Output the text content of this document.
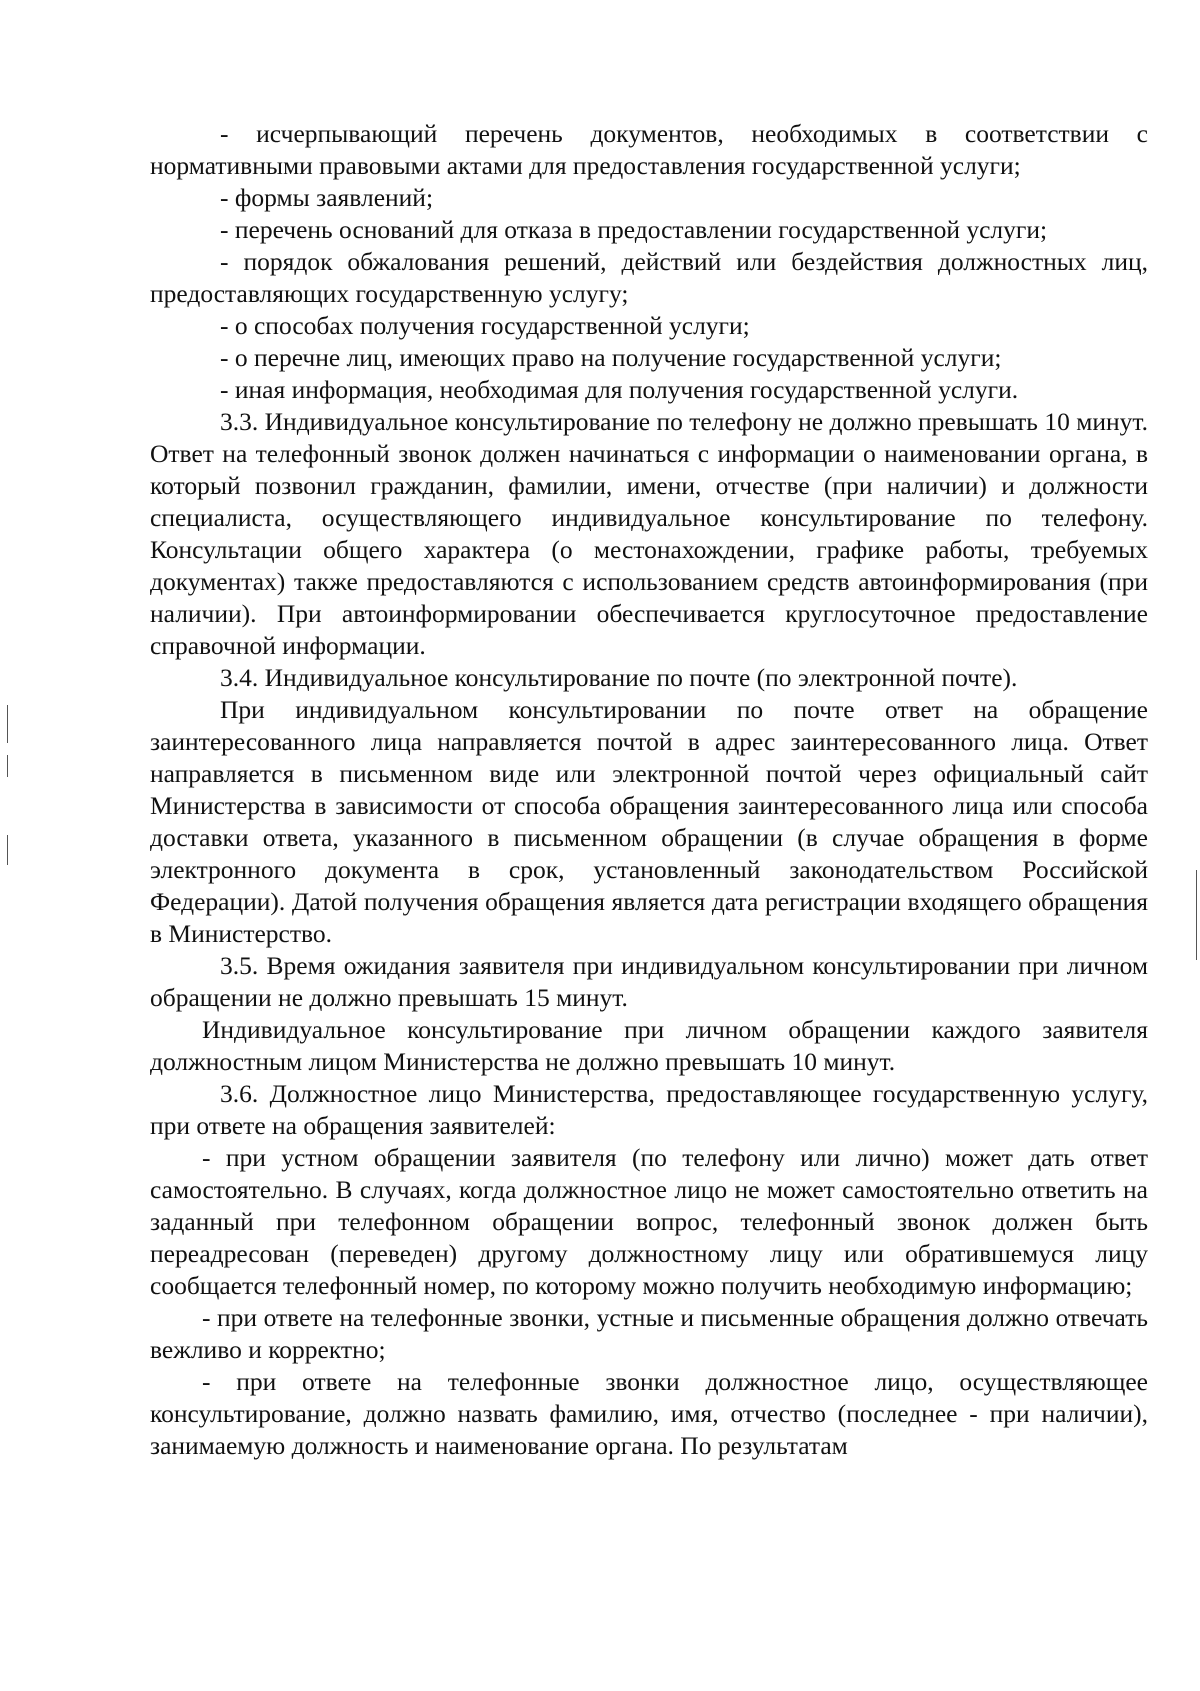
- исчерпывающий перечень документов, необходимых в соответствии с нормативными правовыми актами для предоставления государственной услуги;

- формы заявлений;

- перечень оснований для отказа в предоставлении государственной услуги;

- порядок обжалования решений, действий или бездействия должностных лиц, предоставляющих государственную услугу;

- о способах получения государственной услуги;

- о перечне лиц, имеющих право на получение государственной услуги;

- иная информация, необходимая для получения государственной услуги.

3.3. Индивидуальное консультирование по телефону не должно превышать 10 минут. Ответ на телефонный звонок должен начинаться с информации о наименовании органа, в который позвонил гражданин, фамилии, имени, отчестве (при наличии) и должности специалиста, осуществляющего индивидуальное консультирование по телефону. Консультации общего характера (о местонахождении, графике работы, требуемых документах) также предоставляются с использованием средств автоинформирования (при наличии). При автоинформировании обеспечивается круглосуточное предоставление справочной информации.

3.4. Индивидуальное консультирование по почте (по электронной почте).

При индивидуальном консультировании по почте ответ на обращение заинтересованного лица направляется почтой в адрес заинтересованного лица. Ответ направляется в письменном виде или электронной почтой через официальный сайт Министерства в зависимости от способа обращения заинтересованного лица или способа доставки ответа, указанного в письменном обращении (в случае обращения в форме электронного документа в срок, установленный законодательством Российской Федерации). Датой получения обращения является дата регистрации входящего обращения в Министерство.

3.5. Время ожидания заявителя при индивидуальном консультировании при личном обращении не должно превышать 15 минут.

Индивидуальное консультирование при личном обращении каждого заявителя должностным лицом Министерства не должно превышать 10 минут.

3.6. Должностное лицо Министерства, предоставляющее государственную услугу, при ответе на обращения заявителей:

- при устном обращении заявителя (по телефону или лично) может дать ответ самостоятельно. В случаях, когда должностное лицо не может самостоятельно ответить на заданный при телефонном обращении вопрос, телефонный звонок должен быть переадресован (переведен) другому должностному лицу или обратившемуся лицу сообщается телефонный номер, по которому можно получить необходимую информацию;

- при ответе на телефонные звонки, устные и письменные обращения должно отвечать вежливо и корректно;

- при ответе на телефонные звонки должностное лицо, осуществляющее консультирование, должно назвать фамилию, имя, отчество (последнее - при наличии), занимаемую должность и наименование органа. По результатам
